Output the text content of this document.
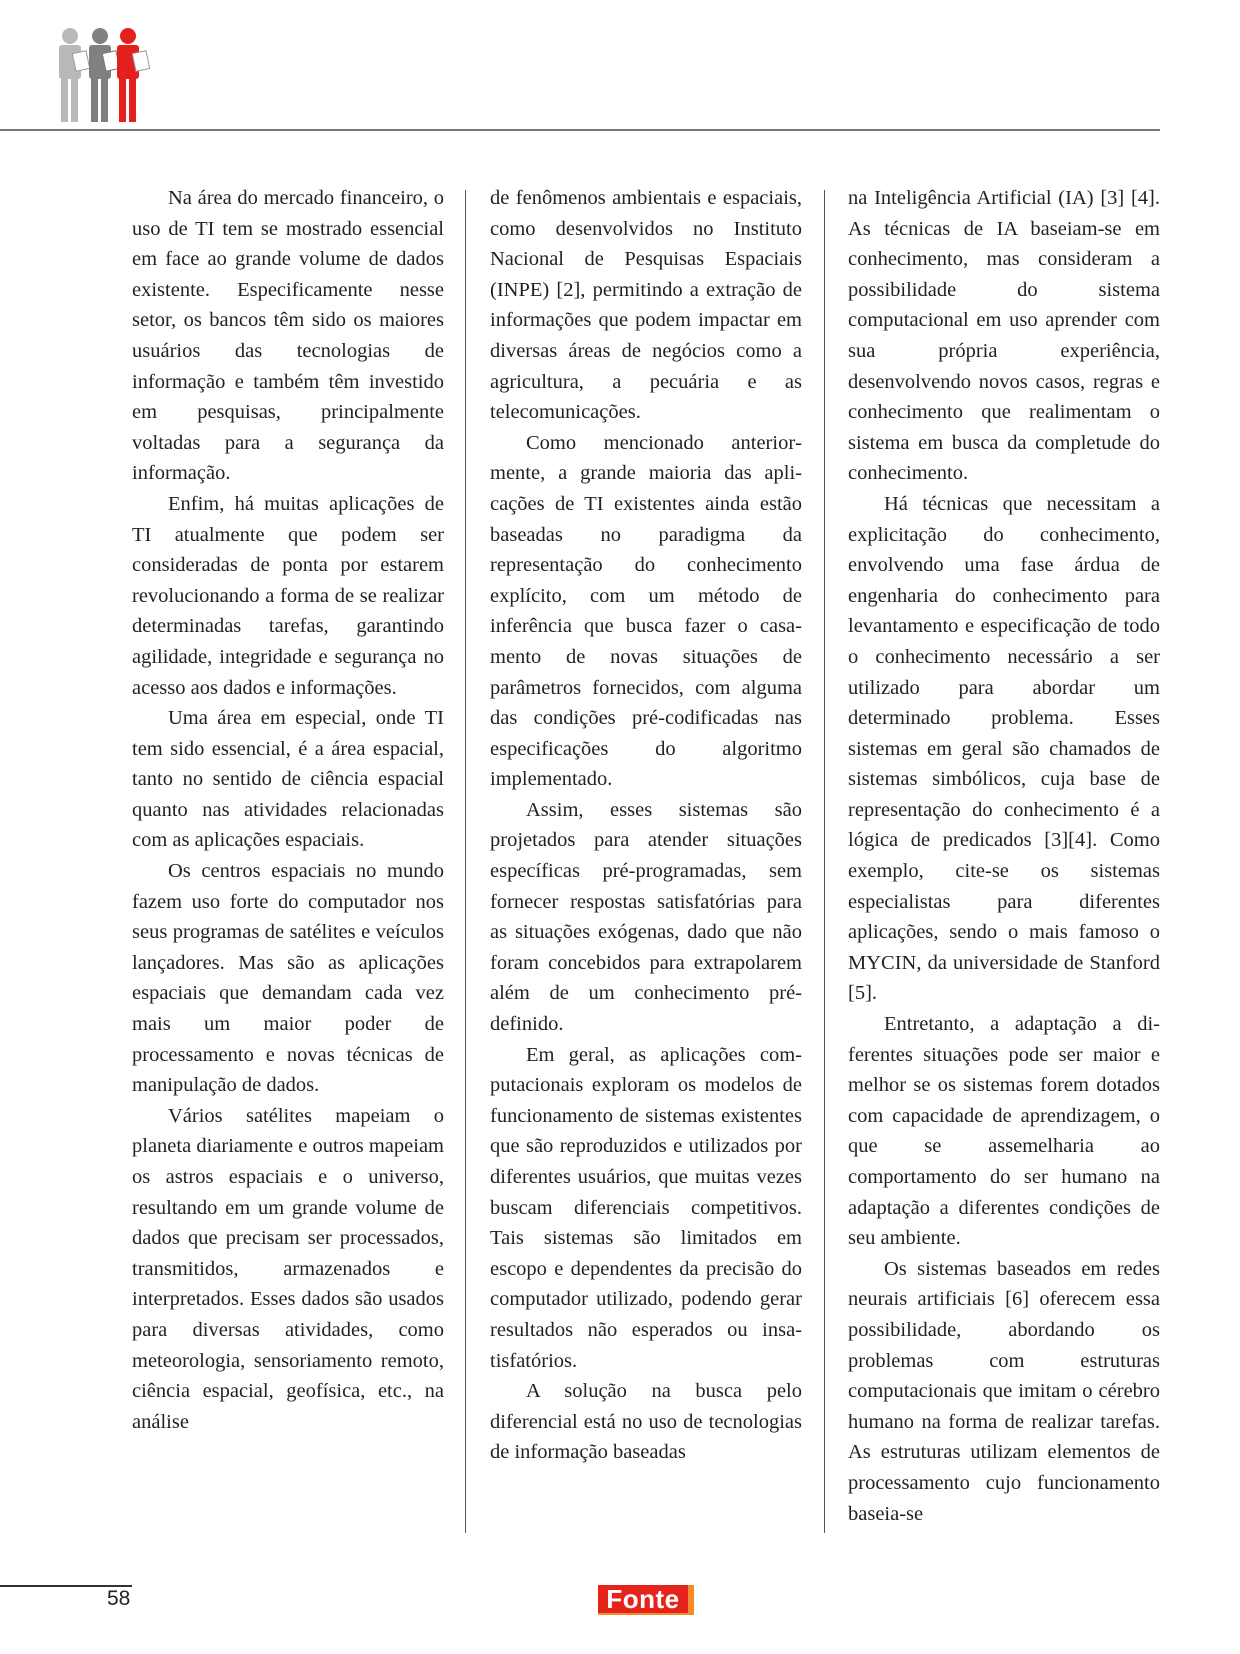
Na área do mercado financeiro, o uso de TI tem se mostrado essencial em face ao grande volume de dados existente. Especificamente nesse setor, os bancos têm sido os maiores usuários das tecnologias de informação e também têm investido em pesquisas, principalmente voltadas para a segurança da informação.

Enfim, há muitas aplicações de TI atualmente que podem ser consideradas de ponta por estarem revolucionando a forma de se realizar determinadas tarefas, garantindo agilidade, integridade e segurança no acesso aos dados e informações.

Uma área em especial, onde TI tem sido essencial, é a área espacial, tanto no sentido de ciência espacial quanto nas atividades relacionadas com as aplicações espaciais.

Os centros espaciais no mundo fazem uso forte do computador nos seus programas de satélites e veículos lançadores. Mas são as aplicações espaciais que demandam cada vez mais um maior poder de processamento e novas técnicas de manipulação de dados.

Vários satélites mapeiam o planeta diariamente e outros mapeiam os astros espaciais e o universo, resultando em um grande volume de dados que precisam ser processados, transmitidos, armazenados e interpretados. Esses dados são usados para diversas atividades, como meteorologia, sensoriamento remoto, ciência espacial, geofísica, etc., na análise

de fenômenos ambientais e espaciais, como desenvolvidos no Instituto Nacional de Pesquisas Espaciais (INPE) [2], permitindo a extração de informações que podem impactar em diversas áreas de negócios como a agricultura, a pecuária e as telecomunicações.

Como mencionado anteriormente, a grande maioria das aplicações de TI existentes ainda estão baseadas no paradigma da representação do conhecimento explícito, com um método de inferência que busca fazer o casamento de novas situações de parâmetros fornecidos, com alguma das condições pré-codificadas nas especificações do algoritmo implementado.

Assim, esses sistemas são projetados para atender situações específicas pré-programadas, sem fornecer respostas satisfatórias para as situações exógenas, dado que não foram concebidos para extrapolarem além de um conhecimento pré-definido.

Em geral, as aplicações computacionais exploram os modelos de funcionamento de sistemas existentes que são reproduzidos e utilizados por diferentes usuários, que muitas vezes buscam diferenciais competitivos. Tais sistemas são limitados em escopo e dependentes da precisão do computador utilizado, podendo gerar resultados não esperados ou insatisfatórios.

A solução na busca pelo diferencial está no uso de tecnologias de informação baseadas

na Inteligência Artificial (IA) [3] [4]. As técnicas de IA baseiam-se em conhecimento, mas consideram a possibilidade do sistema computacional em uso aprender com sua própria experiência, desenvolvendo novos casos, regras e conhecimento que realimentam o sistema em busca da completude do conhecimento.

Há técnicas que necessitam a explicitação do conhecimento, envolvendo uma fase árdua de engenharia do conhecimento para levantamento e especificação de todo o conhecimento necessário a ser utilizado para abordar um determinado problema. Esses sistemas em geral são chamados de sistemas simbólicos, cuja base de representação do conhecimento é a lógica de predicados [3][4]. Como exemplo, cite-se os sistemas especialistas para diferentes aplicações, sendo o mais famoso o MYCIN, da universidade de Stanford [5].

Entretanto, a adaptação a diferentes situações pode ser maior e melhor se os sistemas forem dotados com capacidade de aprendizagem, o que se assemelharia ao comportamento do ser humano na adaptação a diferentes condições de seu ambiente.

Os sistemas baseados em redes neurais artificiais [6] oferecem essa possibilidade, abordando os problemas com estruturas computacionais que imitam o cérebro humano na forma de realizar tarefas. As estruturas utilizam elementos de processamento cujo funcionamento baseia-se

58	Fonte
